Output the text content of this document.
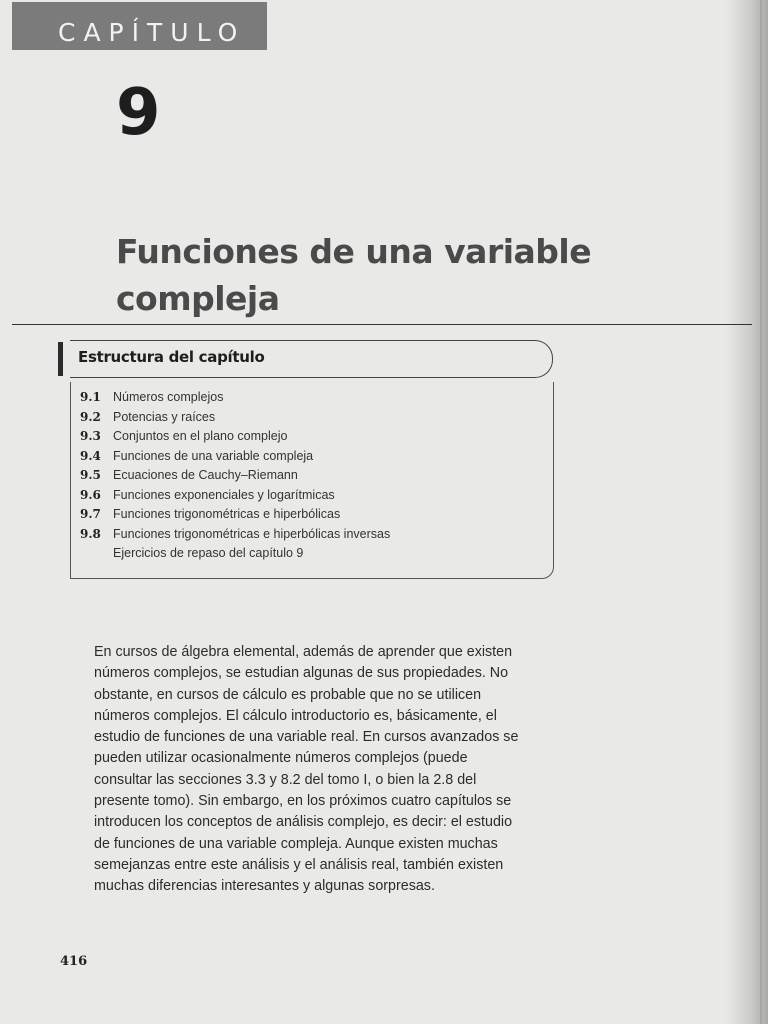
CAPÍTULO
9
Funciones de una variable
compleja
Estructura del capítulo
9.1 Números complejos
9.2 Potencias y raíces
9.3 Conjuntos en el plano complejo
9.4 Funciones de una variable compleja
9.5 Ecuaciones de Cauchy–Riemann
9.6 Funciones exponenciales y logarítmicas
9.7 Funciones trigonométricas e hiperbólicas
9.8 Funciones trigonométricas e hiperbólicas inversas
Ejercicios de repaso del capítulo 9

En cursos de álgebra elemental, además de aprender que existen números complejos, se estudian algunas de sus propiedades. No obstante, en cursos de cálculo es probable que no se utilicen números complejos. El cálculo introductorio es, básicamente, el estudio de funciones de una variable real. En cursos avanzados se pueden utilizar ocasionalmente números complejos (puede consultar las secciones 3.3 y 8.2 del tomo I, o bien la 2.8 del presente tomo). Sin embargo, en los próximos cuatro capítulos se introducen los conceptos de análisis complejo, es decir: el estudio de funciones de una variable compleja. Aunque existen muchas semejanzas entre este análisis y el análisis real, también existen muchas diferencias interesantes y algunas sorpresas.

416
